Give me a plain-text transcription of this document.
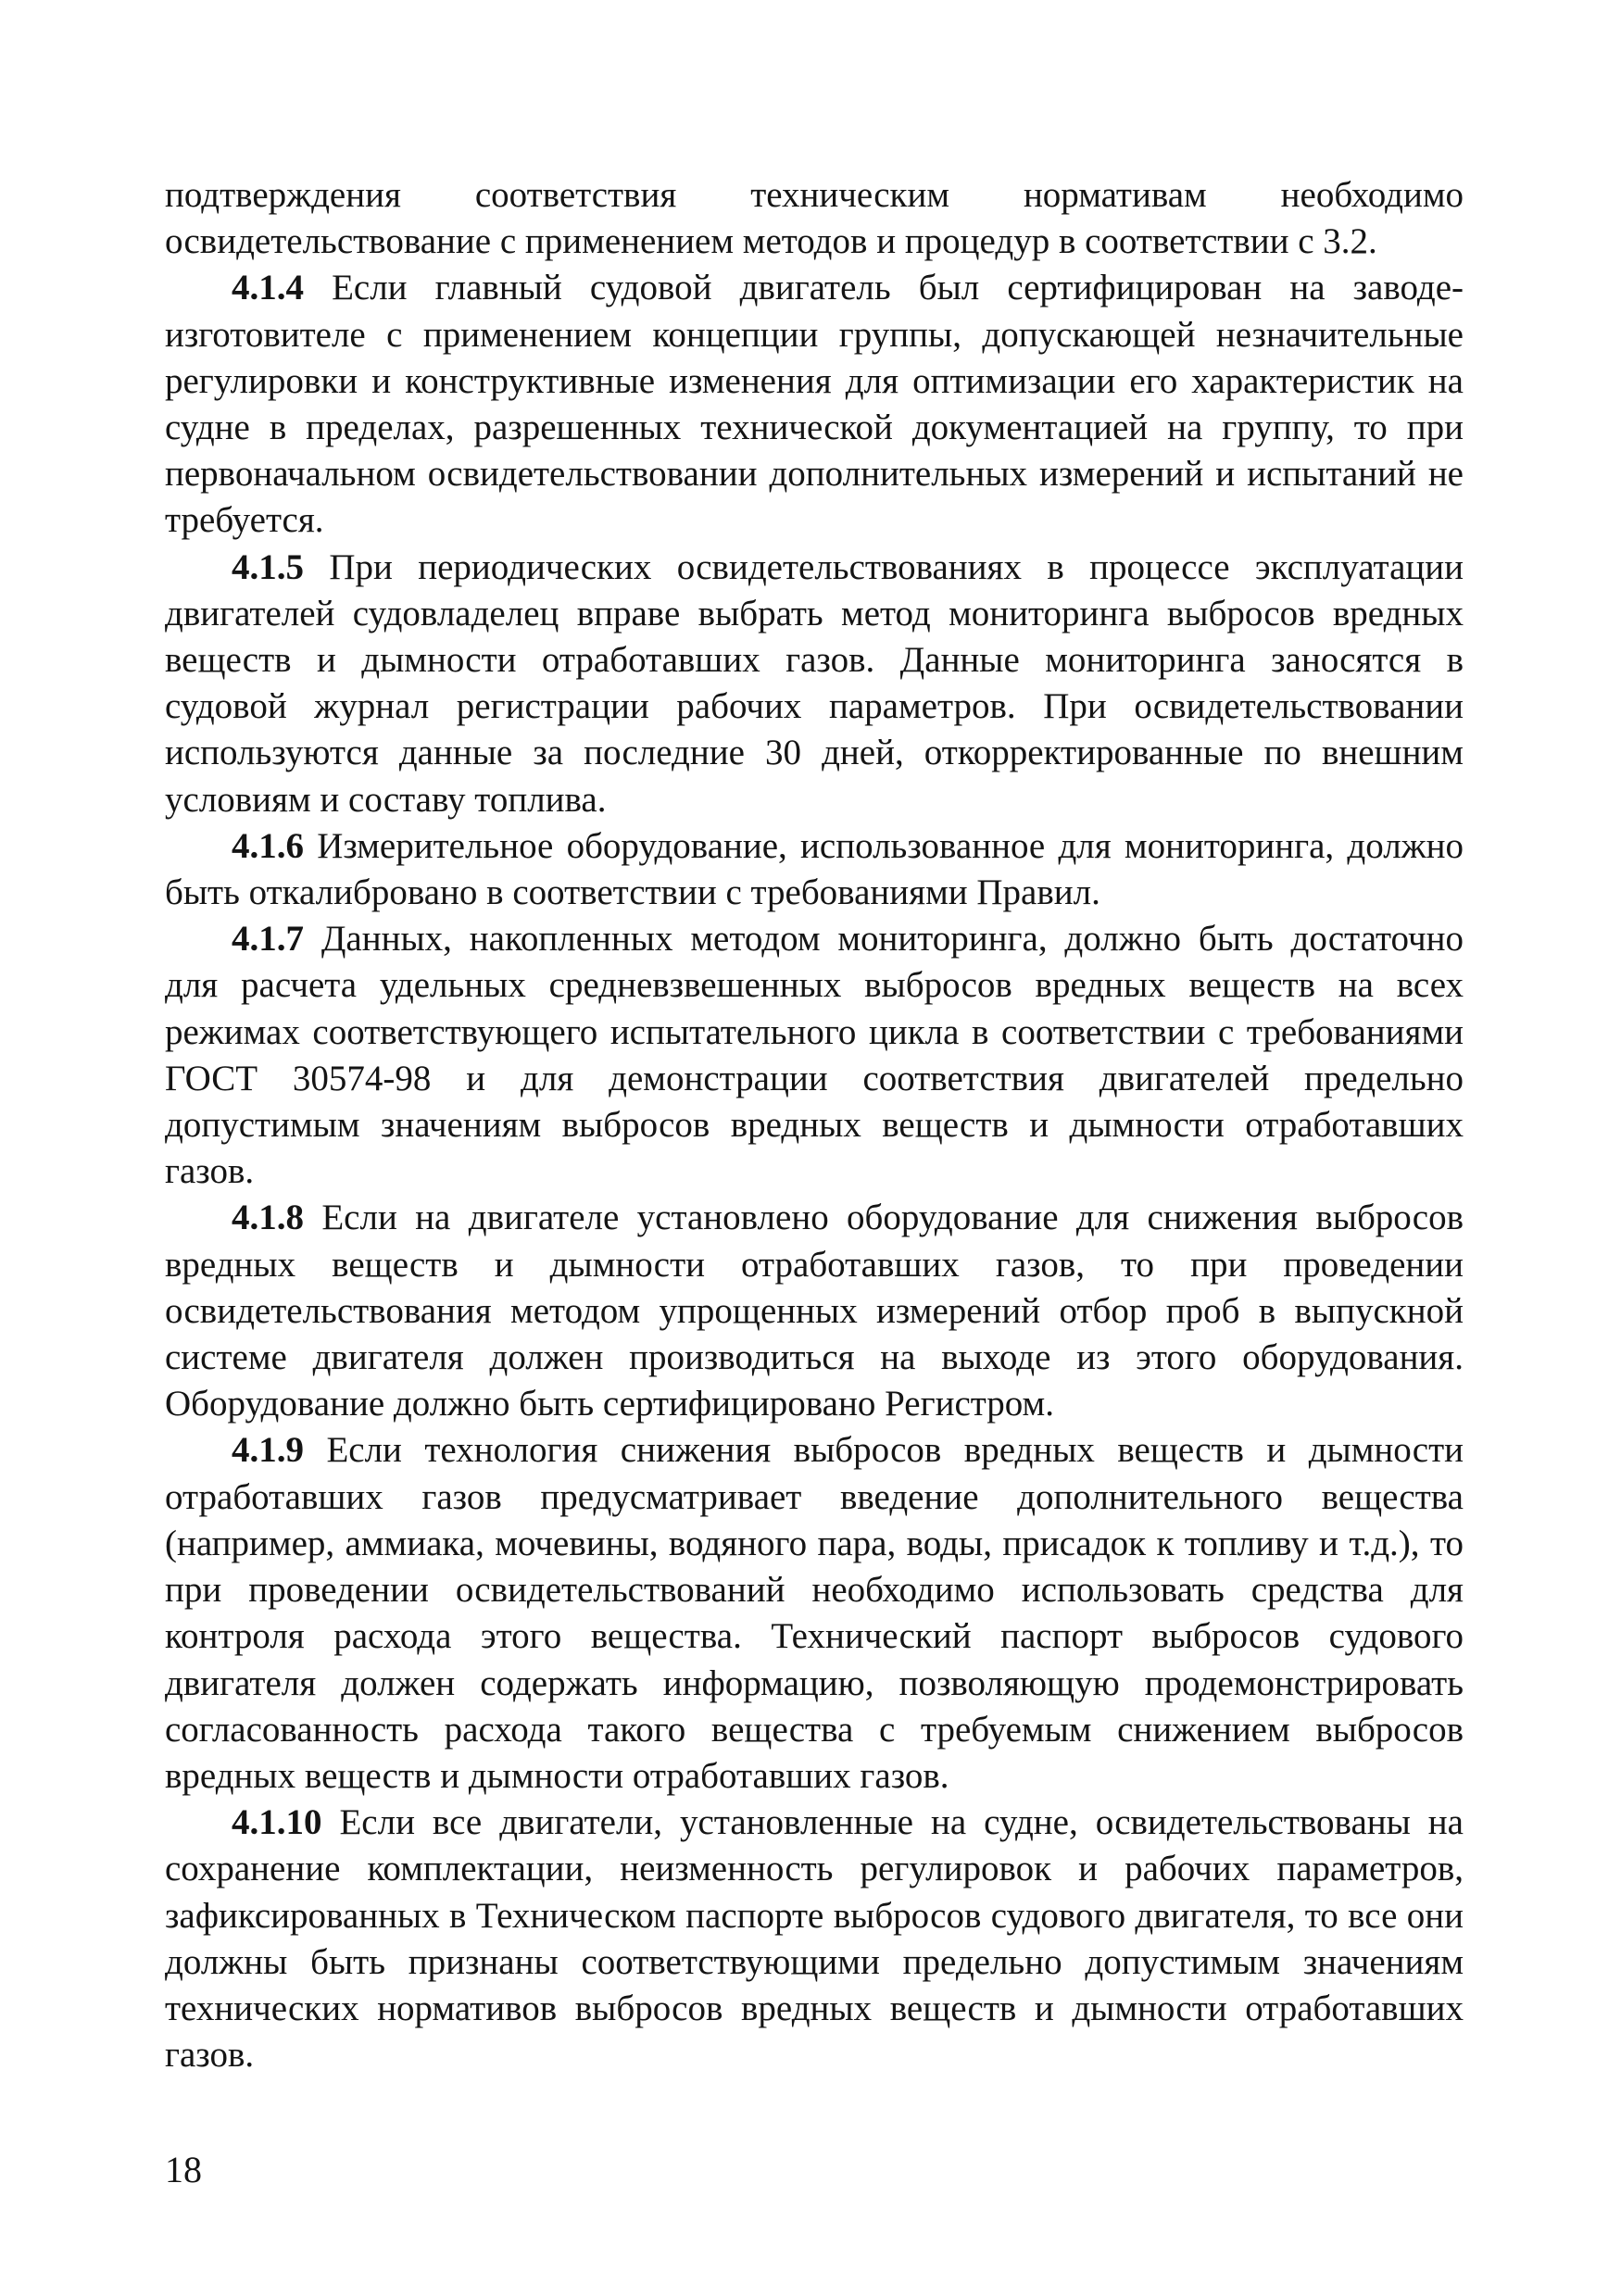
подтверждения соответствия техническим нормативам необходимо освидетельствование с применением методов и процедур в соответствии с 3.2.

4.1.4 Если главный судовой двигатель был сертифицирован на заводе-изготовителе с применением концепции группы, допускающей незначительные регулировки и конструктивные изменения для оптимизации его характеристик на судне в пределах, разрешенных технической документацией на группу, то при первоначальном освидетельствовании дополнительных измерений и испытаний не требуется.

4.1.5 При периодических освидетельствованиях в процессе эксплуатации двигателей судовладелец вправе выбрать метод мониторинга выбросов вредных веществ и дымности отработавших газов. Данные мониторинга заносятся в судовой журнал регистрации рабочих параметров. При освидетельствовании используются данные за последние 30 дней, откорректированные по внешним условиям и составу топлива.

4.1.6 Измерительное оборудование, использованное для мониторинга, должно быть откалибровано в соответствии с требованиями Правил.

4.1.7 Данных, накопленных методом мониторинга, должно быть достаточно для расчета удельных средневзвешенных выбросов вредных веществ на всех режимах соответствующего испытательного цикла в соответствии с требованиями ГОСТ 30574-98 и для демонстрации соответствия двигателей предельно допустимым значениям выбросов вредных веществ и дымности отработавших газов.

4.1.8 Если на двигателе установлено оборудование для снижения выбросов вредных веществ и дымности отработавших газов, то при проведении освидетельствования методом упрощенных измерений отбор проб в выпускной системе двигателя должен производиться на выходе из этого оборудования. Оборудование должно быть сертифицировано Регистром.

4.1.9 Если технология снижения выбросов вредных веществ и дымности отработавших газов предусматривает введение дополнительного вещества (например, аммиака, мочевины, водяного пара, воды, присадок к топливу и т.д.), то при проведении освидетельствований необходимо использовать средства для контроля расхода этого вещества. Технический паспорт выбросов судового двигателя должен содержать информацию, позволяющую продемонстрировать согласованность расхода такого вещества с требуемым снижением выбросов вредных веществ и дымности отработавших газов.

4.1.10 Если все двигатели, установленные на судне, освидетельствованы на сохранение комплектации, неизменность регулировок и рабочих параметров, зафиксированных в Техническом паспорте выбросов судового двигателя, то все они должны быть признаны соответствующими предельно допустимым значениям технических нормативов выбросов вредных веществ и дымности отработавших газов.

18
